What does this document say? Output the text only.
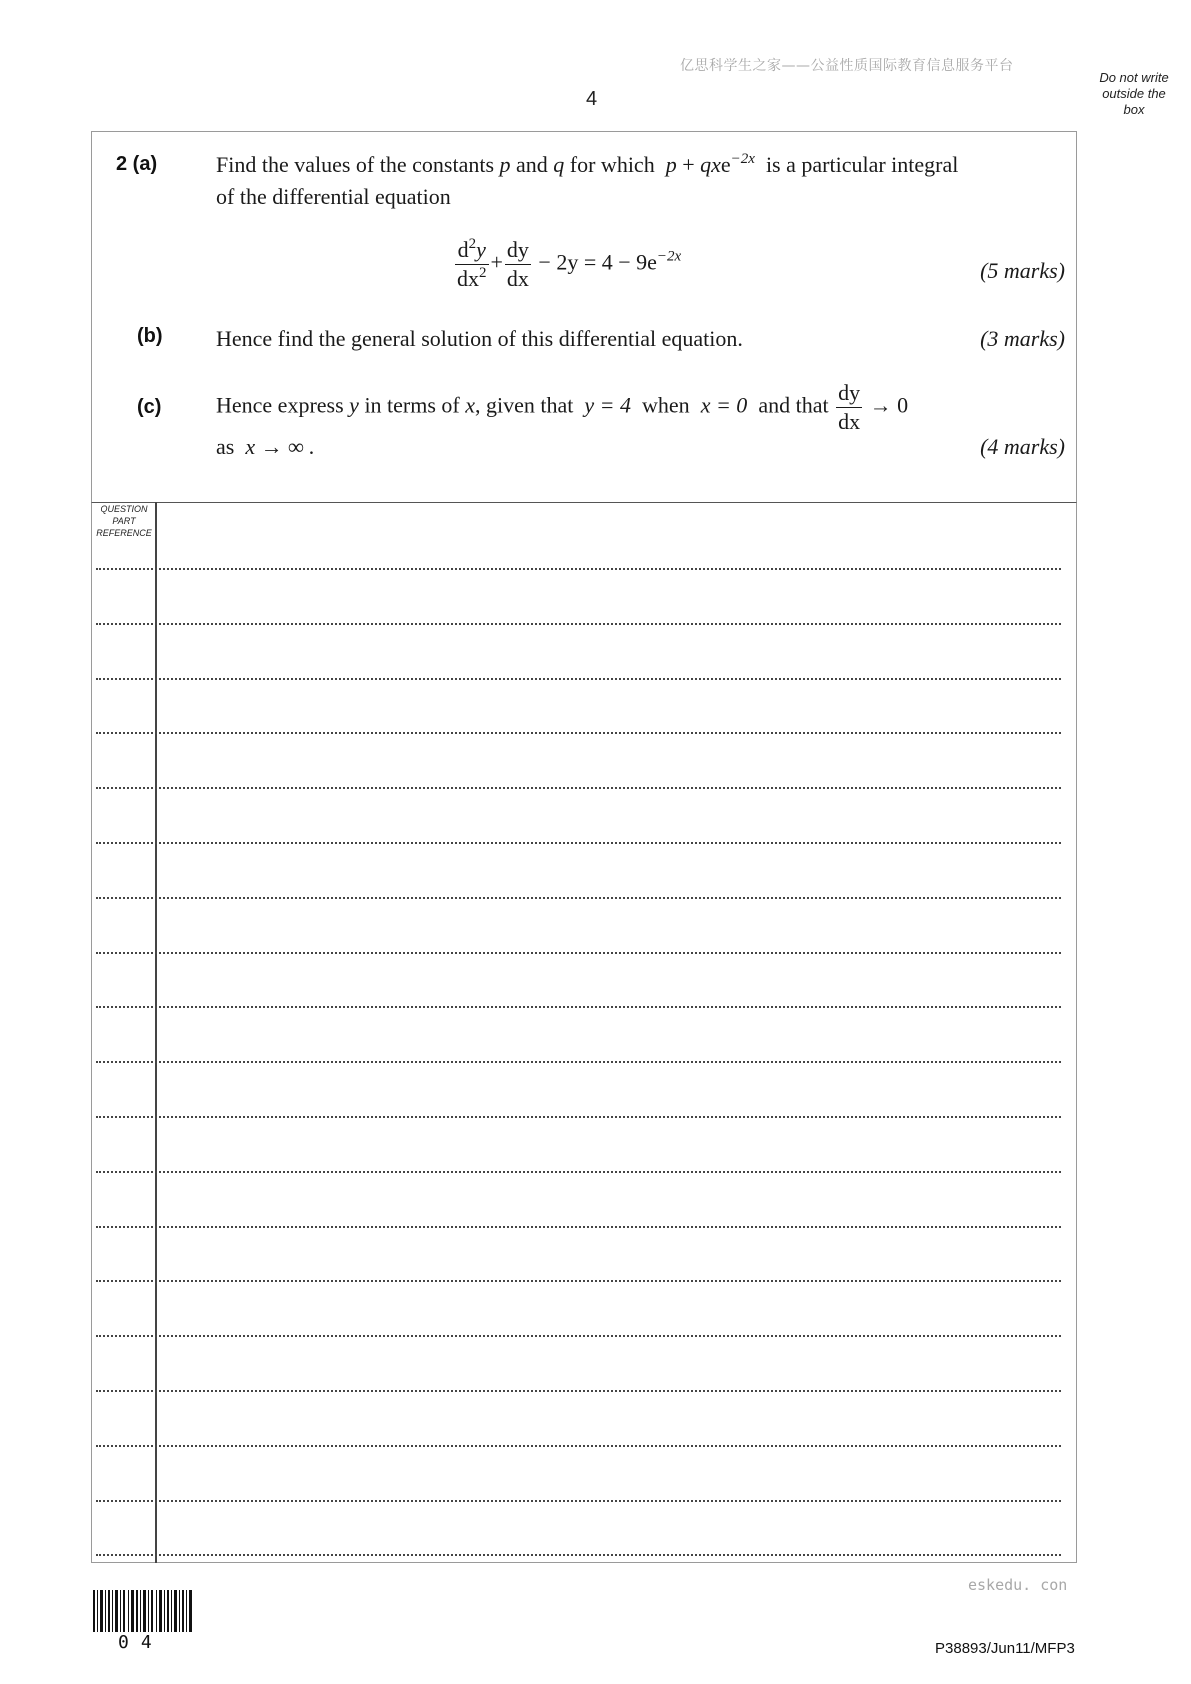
亿思科学生之家——公益性质国际教育信息服务平台
4
Do not write
outside the
box
2 (a)	Find the values of the constants p and q for which p + qxe$^{-2x}$ is a particular integral
of the differential equation
$\frac{d^2y}{dx^2} + \frac{dy}{dx} - 2y = 4 - 9e^{-2x}$
(5 marks)
(b) Hence find the general solution of this differential equation.	(3 marks)
(c) Hence express y in terms of x, given that y = 4 when x = 0 and that $\frac{dy}{dx} \to 0$
as x → ∞ .	(4 marks)
QUESTION
PART
REFERENCE
eskedu. con
04	P38893/Jun11/MFP3
